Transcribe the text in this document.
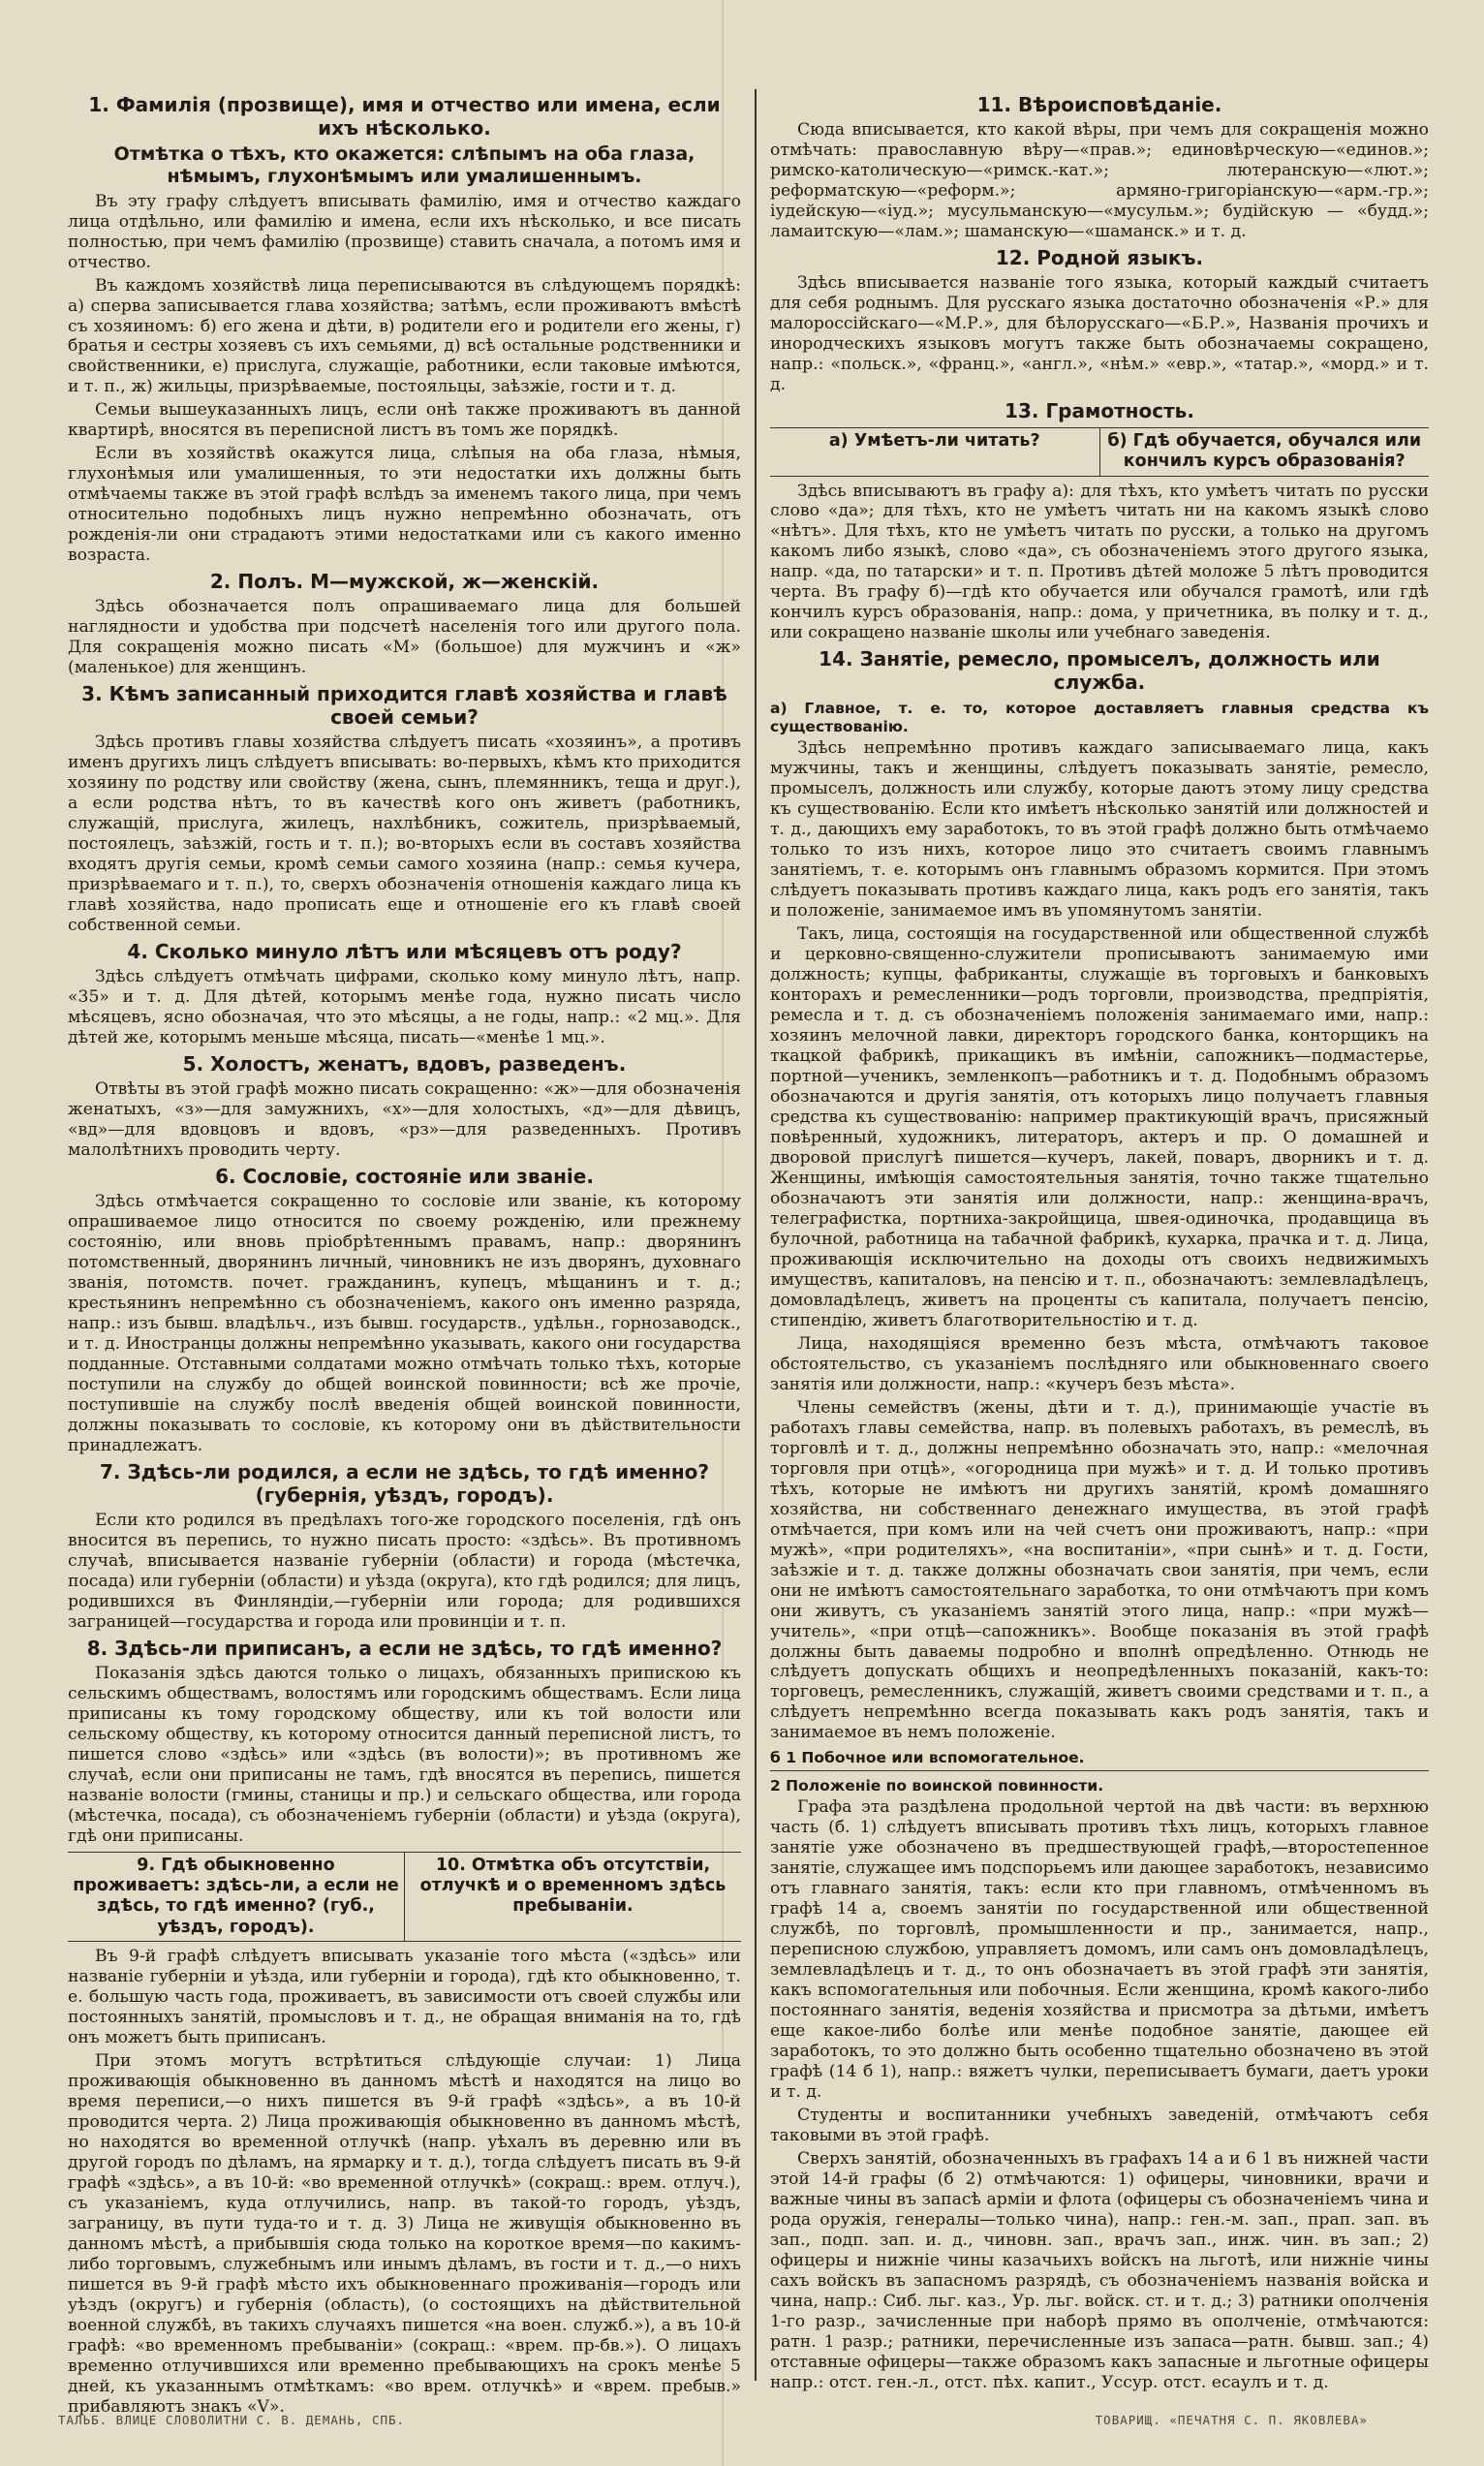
1. Фамилія (прозвище), имя и отчество или имена, если ихъ нѣсколько.
Отмѣтка о тѣхъ, кто окажется: слѣпымъ на оба глаза, нѣмымъ, глухонѣмымъ или умалишеннымъ.

Въ эту графу слѣдуетъ вписывать фамилію, имя и отчество каждаго лица отдѣльно, или фамилію и имена, если ихъ нѣсколько, и все писать полностью, при чемъ фамилію (прозвище) ставить сначала, а потомъ имя и отчество.

Въ каждомъ хозяйствѣ лица переписываются въ слѣдующемъ порядкѣ: а) сперва записывается глава хозяйства; затѣмъ, если проживаютъ вмѣстѣ съ хозяиномъ: б) его жена и дѣти, в) родители его и родители его жены, г) братья и сестры хозяевъ съ ихъ семьями, д) всѣ остальные родственники и свойственники, е) прислуга, служащіе, работники, если таковые имѣются, и т. п., ж) жильцы, призрѣваемые, постояльцы, заѣзжіе, гости и т. д.

Семьи вышеуказанныхъ лицъ, если онѣ также проживаютъ въ данной квартирѣ, вносятся въ переписной листъ въ томъ же порядкѣ.

Если въ хозяйствѣ окажутся лица, слѣпыя на оба глаза, нѣмыя, глухонѣмыя или умалишенныя, то эти недостатки ихъ должны быть отмѣчаемы также въ этой графѣ вслѣдъ за именемъ такого лица, при чемъ относительно подобныхъ лицъ нужно непремѣнно обозначать, отъ рожденія-ли они страдаютъ этими недостатками или съ какого именно возраста.

2. Полъ. М—мужской, ж—женскій.

Здѣсь обозначается полъ опрашиваемаго лица для большей наглядности и удобства при подсчетѣ населенія того или другого пола. Для сокращенія можно писать «М» (большое) для мужчинъ и «ж» (маленькое) для женщинъ.

3. Кѣмъ записанный приходится главѣ хозяйства и главѣ своей семьи?

Здѣсь противъ главы хозяйства слѣдуетъ писать «хозяинъ», а противъ именъ другихъ лицъ слѣдуетъ вписывать: во-первыхъ, кѣмъ кто приходится хозяину по родству или свойству (жена, сынъ, племянникъ, теща и друг.), а если родства нѣтъ, то въ качествѣ кого онъ живетъ (работникъ, служащій, прислуга, жилецъ, нахлѣбникъ, сожитель, призрѣваемый, постоялецъ, заѣзжій, гость и т. п.); во-вторыхъ если въ составъ хозяйства входятъ другія семьи, кромѣ семьи самого хозяина (напр.: семья кучера, призрѣваемаго и т. п.), то, сверхъ обозначенія отношенія каждаго лица къ главѣ хозяйства, надо прописать еще и отношеніе его къ главѣ своей собственной семьи.

4. Сколько минуло лѣтъ или мѣсяцевъ отъ роду?

Здѣсь слѣдуетъ отмѣчать цифрами, сколько кому минуло лѣтъ, напр. «35» и т. д. Для дѣтей, которымъ менѣе года, нужно писать число мѣсяцевъ, ясно обозначая, что это мѣсяцы, а не годы, напр.: «2 мц.». Для дѣтей же, которымъ меньше мѣсяца, писать—«менѣе 1 мц.».

5. Холостъ, женатъ, вдовъ, разведенъ.

Отвѣты въ этой графѣ можно писать сокращенно: «ж»—для обозначенія женатыхъ, «з»—для замужнихъ, «х»—для холостыхъ, «д»—для дѣвицъ, «вд»—для вдовцовъ и вдовъ, «рз»—для разведенныхъ. Противъ малолѣтнихъ проводить черту.

6. Сословіе, состояніе или званіе.

Здѣсь отмѣчается сокращенно то сословіе или званіе, къ которому опрашиваемое лицо относится по своему рожденію, или прежнему состоянію, или вновь пріобрѣтеннымъ правамъ, напр.: дворянинъ потомственный, дворянинъ личный, чиновникъ не изъ дворянъ, духовнаго званія, потомств. почет. гражданинъ, купецъ, мѣщанинъ и т. д.; крестьянинъ непремѣнно съ обозначеніемъ, какого онъ именно разряда, напр.: изъ бывш. владѣльч., изъ бывш. государств., удѣльн., горнозаводск., и т. д. Иностранцы должны непремѣнно указывать, какого они государства подданные. Отставными солдатами можно отмѣчать только тѣхъ, которые поступили на службу до общей воинской повинности; всѣ же прочіе, поступившіе на службу послѣ введенія общей воинской повинности, должны показывать то сословіе, къ которому они въ дѣйствительности принадлежатъ.

7. Здѣсь-ли родился, а если не здѣсь, то гдѣ именно? (губернія, уѣздъ, городъ).

Если кто родился въ предѣлахъ того-же городского поселенія, гдѣ онъ вносится въ перепись, то нужно писать просто: «здѣсь». Въ противномъ случаѣ, вписывается названіе губерніи (области) и города (мѣстечка, посада) или губерніи (области) и уѣзда (округа), кто гдѣ родился; для лицъ, родившихся въ Финляндіи,—губерніи или города; для родившихся заграницей—государства и города или провинціи и т. п.

8. Здѣсь-ли приписанъ, а если не здѣсь, то гдѣ именно?

Показанія здѣсь даются только о лицахъ, обязанныхъ припискою къ сельскимъ обществамъ, волостямъ или городскимъ обществамъ. Если лица приписаны къ тому городскому обществу, или къ той волости или сельскому обществу, къ которому относится данный переписной листъ, то пишется слово «здѣсь» или «здѣсь (въ волости)»; въ противномъ же случаѣ, если они приписаны не тамъ, гдѣ вносятся въ перепись, пишется названіе волости (гмины, станицы и пр.) и сельскаго общества, или города (мѣстечка, посада), съ обозначеніемъ губерніи (области) и уѣзда (округа), гдѣ они приписаны.

9. Гдѣ обыкновенно проживаетъ: здѣсь-ли, а если не здѣсь, то гдѣ именно? (губ., уѣздъ, городъ).
10. Отмѣтка объ отсутствіи, отлучкѣ и о временномъ здѣсь пребываніи.

Въ 9-й графѣ слѣдуетъ вписывать указаніе того мѣста («здѣсь» или названіе губерніи и уѣзда, или губерніи и города), гдѣ кто обыкновенно, т. е. большую часть года, проживаетъ, въ зависимости отъ своей службы или постоянныхъ занятій, промысловъ и т. д., не обращая вниманія на то, гдѣ онъ можетъ быть приписанъ.

При этомъ могутъ встрѣтиться слѣдующіе случаи: 1) Лица проживающія обыкновенно въ данномъ мѣстѣ и находятся на лицо во время переписи,—о нихъ пишется въ 9-й графѣ «здѣсь», а въ 10-й проводится черта. 2) Лица проживающія обыкновенно въ данномъ мѣстѣ, но находятся во временной отлучкѣ (напр. уѣхалъ въ деревню или въ другой городъ по дѣламъ, на ярмарку и т. д.), тогда слѣдуетъ писать въ 9-й графѣ «здѣсь», а въ 10-й: «во временной отлучкѣ» (сокращ.: врем. отлуч.), съ указаніемъ, куда отлучились, напр. въ такой-то городъ, уѣздъ, заграницу, въ пути туда-то и т. д. 3) Лица не живущія обыкновенно въ данномъ мѣстѣ, а прибывшія сюда только на короткое время—по какимъ-либо торговымъ, служебнымъ или инымъ дѣламъ, въ гости и т. д.,—о нихъ пишется въ 9-й графѣ мѣсто ихъ обыкновеннаго проживанія—городъ или уѣздъ (округъ) и губернія (область), (о состоящихъ на дѣйствительной военной службѣ, въ такихъ случаяхъ пишется «на воен. служб.»), а въ 10-й графѣ: «во временномъ пребываніи» (сокращ.: «врем. пр-бв.»). О лицахъ временно отлучившихся или временно пребывающихъ на срокъ менѣе 5 дней, къ указаннымъ отмѣткамъ: «во врем. отлучкѣ» и «врем. пребыв.» прибавляютъ знакъ «V».

11. Вѣроисповѣданіе.

Сюда вписывается, кто какой вѣры, при чемъ для сокращенія можно отмѣчать: православную вѣру—«прав.»; единовѣрческую—«единов.»; римско-католическую—«римск.-кат.»; лютеранскую—«лют.»; реформатскую—«реформ.»; армяно-григоріанскую—«арм.-гр.»; іудейскую—«іуд.»; мусульманскую—«мусульм.»; будійскую — «будд.»; ламаитскую—«лам.»; шаманскую—«шаманск.» и т. д.

12. Родной языкъ.

Здѣсь вписывается названіе того языка, который каждый считаетъ для себя роднымъ. Для русскаго языка достаточно обозначенія «Р.» для малороссійскаго—«М.Р.», для бѣлорусскаго—«Б.Р.», Названія прочихъ и инородческихъ языковъ могутъ также быть обозначаемы сокращено, напр.: «польск.», «франц.», «англ.», «нѣм.» «евр.», «татар.», «морд.» и т. д.

13. Грамотность.
а) Умѣетъ-ли читать?	б) Гдѣ обучается, обучался или кончилъ курсъ образованія?

Здѣсь вписываютъ въ графу а): для тѣхъ, кто умѣетъ читать по русски слово «да»; для тѣхъ, кто не умѣетъ читать ни на какомъ языкѣ слово «нѣтъ». Для тѣхъ, кто не умѣетъ читать по русски, а только на другомъ какомъ либо языкѣ, слово «да», съ обозначеніемъ этого другого языка, напр. «да, по татарски» и т. п. Противъ дѣтей моложе 5 лѣтъ проводится черта. Въ графу б)—гдѣ кто обучается или обучался грамотѣ, или гдѣ кончилъ курсъ образованія, напр.: дома, у причетника, въ полку и т. д., или сокращено названіе школы или учебнаго заведенія.

14. Занятіе, ремесло, промыселъ, должность или служба.
а) Главное, т. е. то, которое доставляетъ главныя средства къ существованію.

Здѣсь непремѣнно противъ каждаго записываемаго лица, какъ мужчины, такъ и женщины, слѣдуетъ показывать занятіе, ремесло, промыселъ, должность или службу, которые даютъ этому лицу средства къ существованію. Если кто имѣетъ нѣсколько занятій или должностей и т. д., дающихъ ему заработокъ, то въ этой графѣ должно быть отмѣчаемо только то изъ нихъ, которое лицо это считаетъ своимъ главнымъ занятіемъ, т. е. которымъ онъ главнымъ образомъ кормится. При этомъ слѣдуетъ показывать противъ каждаго лица, какъ родъ его занятія, такъ и положеніе, занимаемое имъ въ упомянутомъ занятіи.

Такъ, лица, состоящія на государственной или общественной службѣ и церковно-священно-служители прописываютъ занимаемую ими должность; купцы, фабриканты, служащіе въ торговыхъ и банковыхъ конторахъ и ремесленники—родъ торговли, производства, предпріятія, ремесла и т. д. съ обозначеніемъ положенія занимаемаго ими, напр.: хозяинъ мелочной лавки, директоръ городского банка, конторщикъ на ткацкой фабрикѣ, прикащикъ въ имѣніи, сапожникъ—подмастерье, портной—ученикъ, земленкопъ—работникъ и т. д. Подобнымъ образомъ обозначаются и другія занятія, отъ которыхъ лицо получаетъ главныя средства къ существованію: например практикующій врачъ, присяжный повѣренный, художникъ, литераторъ, актеръ и пр. О домашней и дворовой прислугѣ пишется—кучеръ, лакей, поваръ, дворникъ и т. д. Женщины, имѣющія самостоятельныя занятія, точно также тщательно обозначаютъ эти занятія или должности, напр.: женщина-врачъ, телеграфистка, портниха-закройщица, швея-одиночка, продавщица въ булочной, работница на табачной фабрикѣ, кухарка, прачка и т. д. Лица, проживающія исключительно на доходы отъ своихъ недвижимыхъ имуществъ, капиталовъ, на пенсію и т. п., обозначаютъ: землевладѣлецъ, домовладѣлецъ, живетъ на проценты съ капитала, получаетъ пенсію, стипендію, живетъ благотворительностію и т. д.

Лица, находящіяся временно безъ мѣста, отмѣчаютъ таковое обстоятельство, съ указаніемъ послѣдняго или обыкновеннаго своего занятія или должности, напр.: «кучеръ безъ мѣста».

Члены семействъ (жены, дѣти и т. д.), принимающіе участіе въ работахъ главы семейства, напр. въ полевыхъ работахъ, въ ремеслѣ, въ торговлѣ и т. д., должны непремѣнно обозначать это, напр.: «мелочная торговля при отцѣ», «огородница при мужѣ» и т. д. И только противъ тѣхъ, которые не имѣютъ ни другихъ занятій, кромѣ домашняго хозяйства, ни собственнаго денежнаго имущества, въ этой графѣ отмѣчается, при комъ или на чей счетъ они проживаютъ, напр.: «при мужѣ», «при родителяхъ», «на воспитаніи», «при сынѣ» и т. д. Гости, заѣзжіе и т. д. также должны обозначать свои занятія, при чемъ, если они не имѣютъ самостоятельнаго заработка, то они отмѣчаютъ при комъ они живутъ, съ указаніемъ занятій этого лица, напр.: «при мужѣ—учитель», «при отцѣ—сапожникъ». Вообще показанія въ этой графѣ должны быть даваемы подробно и вполнѣ опредѣленно. Отнюдь не слѣдуетъ допускать общихъ и неопредѣленныхъ показаній, какъ-то: торговецъ, ремесленникъ, служащій, живетъ своими средствами и т. п., а слѣдуетъ непремѣнно всегда показывать какъ родъ занятія, такъ и занимаемое въ немъ положеніе.

б 1 Побочное или вспомогательное.
2 Положеніе по воинской повинности.

Графа эта раздѣлена продольной чертой на двѣ части: въ верхнюю часть (б. 1) слѣдуетъ вписывать противъ тѣхъ лицъ, которыхъ главное занятіе уже обозначено въ предшествующей графѣ,—второстепенное занятіе, служащее имъ подспорьемъ или дающее заработокъ, независимо отъ главнаго занятія, такъ: если кто при главномъ, отмѣченномъ въ графѣ 14 а, своемъ занятіи по государственной или общественной службѣ, по торговлѣ, промышленности и пр., занимается, напр., переписною службою, управляетъ домомъ, или самъ онъ домовладѣлецъ, землевладѣлецъ и т. д., то онъ обозначаетъ въ этой графѣ эти занятія, какъ вспомогательныя или побочныя. Если женщина, кромѣ какого-либо постояннаго занятія, веденія хозяйства и присмотра за дѣтьми, имѣетъ еще какое-либо болѣе или менѣе подобное занятіе, дающее ей заработокъ, то это должно быть особенно тщательно обозначено въ этой графѣ (14 б 1), напр.: вяжетъ чулки, переписываетъ бумаги, даетъ уроки и т. д.

Студенты и воспитанники учебныхъ заведеній, отмѣчаютъ себя таковыми въ этой графѣ.

Сверхъ занятій, обозначенныхъ въ графахъ 14 а и 6 1 въ нижней части этой 14-й графы (б 2) отмѣчаются: 1) офицеры, чиновники, врачи и важные чины въ запасѣ арміи и флота (офицеры съ обозначеніемъ чина и рода оружія, генералы—только чина), напр.: ген.-м. зап., прап. зап. въ зап., подп. зап. и. д., чиновн. зап., врачъ зап., инж. чин. въ зап.; 2) офицеры и нижніе чины казачьихъ войскъ на льготѣ, или нижніе чины сахъ войскъ въ запасномъ разрядѣ, съ обозначеніемъ названія войска и чина, напр.: Сиб. льг. каз., Ур. льг. войск. ст. и т. д.; 3) ратники ополченія 1-го разр., зачисленные при наборѣ прямо въ ополченіе, отмѣчаются: ратн. 1 разр.; ратники, перечисленные изъ запаса—ратн. бывш. зап.; 4) отставные офицеры—также образомъ какъ запасные и льготные офицеры напр.: отст. ген.-л., отст. пѣх. капит., Уссур. отст. есаулъ и т. д.

ТАЛЬБ. ВЛИЦЕ СЛОВОЛИТНИ С. В. ДЕМАНЬ, СПБ.	ТОВАРИЩ. «ПЕЧАТНЯ С. П. ЯКОВЛЕВА»
